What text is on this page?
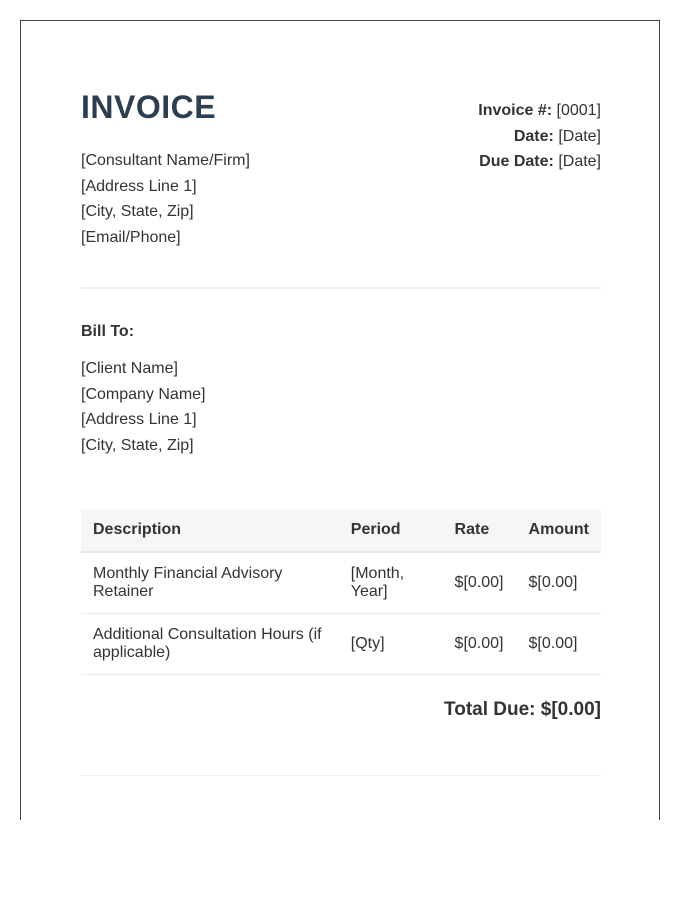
INVOICE
[Consultant Name/Firm]
[Address Line 1]
[City, State, Zip]
[Email/Phone]
Invoice #: [0001]
Date: [Date]
Due Date: [Date]
Bill To:
[Client Name]
[Company Name]
[Address Line 1]
[City, State, Zip]
Description	Period	Rate	Amount
Monthly Financial Advisory Retainer	[Month, Year]	$[0.00]	$[0.00]
Additional Consultation Hours (if applicable)	[Qty]	$[0.00]	$[0.00]
Total Due: $[0.00]
